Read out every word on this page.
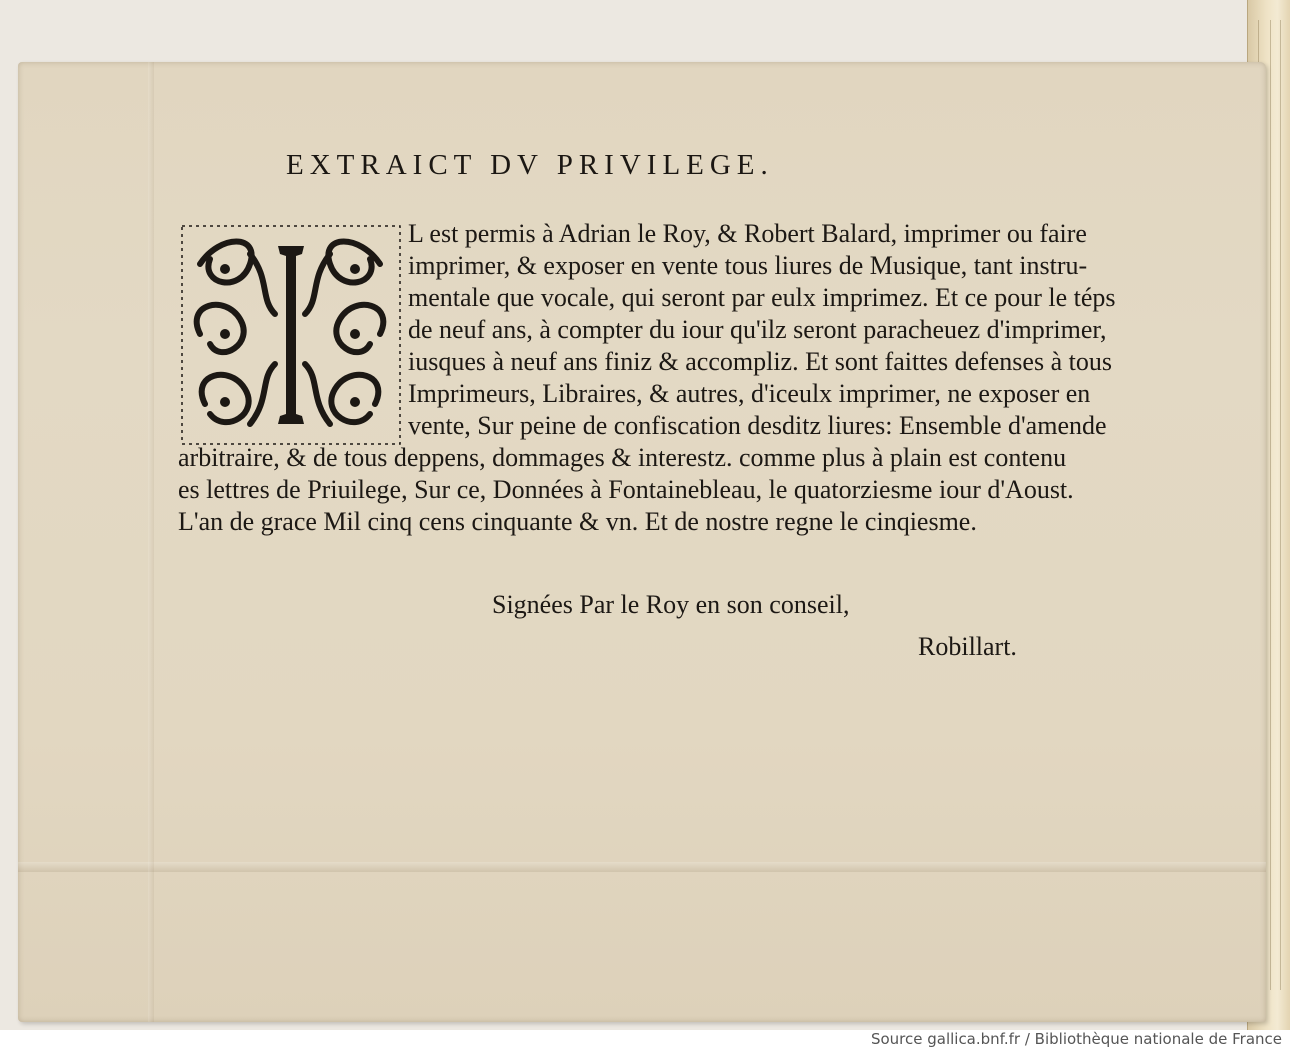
EXTRAICT DV PRIVILEGE.
L est permis à Adrian le Roy, & Robert Balard, imprimer ou faire
imprimer, & exposer en vente tous liures de Musique, tant instru-
mentale que vocale, qui seront par eulx imprimez. Et ce pour le téps
de neuf ans, à compter du iour qu'ilz seront paracheuez d'imprimer,
iusques à neuf ans finiz & accompliz. Et sont faittes defenses à tous
Imprimeurs, Libraires, & autres, d'iceulx imprimer, ne exposer en
vente, Sur peine de confiscation desditz liures: Ensemble d'amende
arbitraire, & de tous deppens, dommages & interestz. comme plus à plain est contenu
es lettres de Priuilege, Sur ce, Données à Fontainebleau, le quatorziesme iour d'Aoust.
L'an de grace Mil cinq cens cinquante & vn. Et de nostre regne le cinqiesme.
Signées Par le Roy en son conseil,
Robillart.
Source gallica.bnf.fr / Bibliothèque nationale de France
